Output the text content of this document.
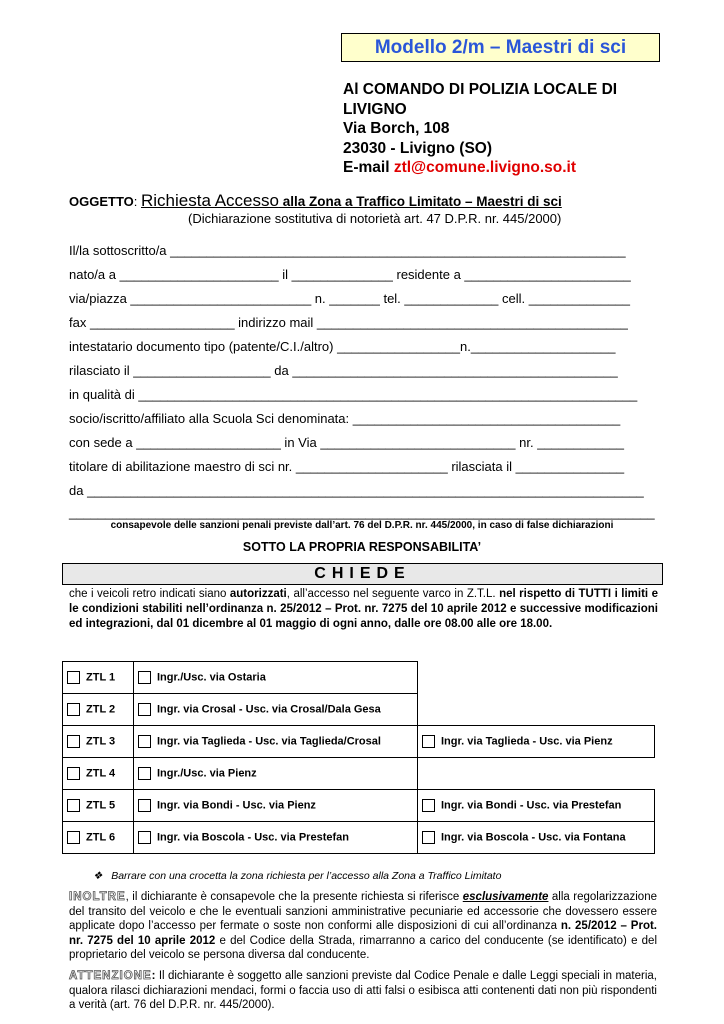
Modello 2/m – Maestri di sci
Al COMANDO DI POLIZIA LOCALE DI
LIVIGNO
Via Borch, 108
23030 - Livigno (SO)
E-mail ztl@comune.livigno.so.it
OGGETTO: Richiesta Accesso alla Zona a Traffico Limitato – Maestri di sci
(Dichiarazione sostitutiva di notorietà art. 47 D.P.R. nr. 445/2000)
Il/la sottoscritto/a _______________________________________________________________
nato/a a ______________________ il ______________ residente a _______________________
via/piazza _________________________ n. _______ tel. _____________ cell. ______________
fax ____________________ indirizzo mail ___________________________________________
intestatario documento tipo (patente/C.I./altro) _________________n.____________________
rilasciato il ___________________ da _____________________________________________
in qualità di _____________________________________________________________________
socio/iscritto/affiliato alla Scuola Sci denominata: _____________________________________
con sede a ____________________ in Via ___________________________ nr. ____________
titolare di abilitazione maestro di sci nr. _____________________ rilasciata il _______________
da _____________________________________________________________________________
_________________________________________________________________________________
consapevole delle sanzioni penali previste dall’art. 76 del D.P.R. nr. 445/2000, in caso di false dichiarazioni
SOTTO LA PROPRIA RESPONSABILITA’
CHIEDE
che i veicoli retro indicati siano autorizzati, all’accesso nel seguente varco in Z.T.L. nel rispetto di TUTTI i limiti e le condizioni stabiliti nell’ordinanza n. 25/2012 – Prot. nr. 7275 del 10 aprile 2012 e successive modificazioni ed integrazioni, dal 01 dicembre al 01 maggio di ogni anno, dalle ore 08.00 alle ore 18.00.
ZTL 1	Ingr./Usc. via Ostaria	
ZTL 2	Ingr. via Crosal - Usc. via Crosal/Dala Gesa	
ZTL 3	Ingr. via Taglieda - Usc. via Taglieda/Crosal	Ingr. via Taglieda - Usc. via Pienz
ZTL 4	Ingr./Usc. via Pienz	
ZTL 5	Ingr. via Bondi - Usc. via Pienz	Ingr. via Bondi - Usc. via Prestefan
ZTL 6	Ingr. via Boscola - Usc. via Prestefan	Ingr. via Boscola - Usc. via Fontana
❖ Barrare con una crocetta la zona richiesta per l’accesso alla Zona a Traffico Limitato
INOLTRE, il dichiarante è consapevole che la presente richiesta si riferisce esclusivamente alla regolarizzazione del transito del veicolo e che le eventuali sanzioni amministrative pecuniarie ed accessorie che dovessero essere applicate dopo l’accesso per fermate o soste non conformi alle disposizioni di cui all’ordinanza n. 25/2012 – Prot. nr. 7275 del 10 aprile 2012 e del Codice della Strada, rimarranno a carico del conducente (se identificato) e del proprietario del veicolo se persona diversa dal conducente.
ATTENZIONE: Il dichiarante è soggetto alle sanzioni previste dal Codice Penale e dalle Leggi speciali in materia, qualora rilasci dichiarazioni mendaci, formi o faccia uso di atti falsi o esibisca atti contenenti dati non più rispondenti a verità (art. 76 del D.P.R. nr. 445/2000).
